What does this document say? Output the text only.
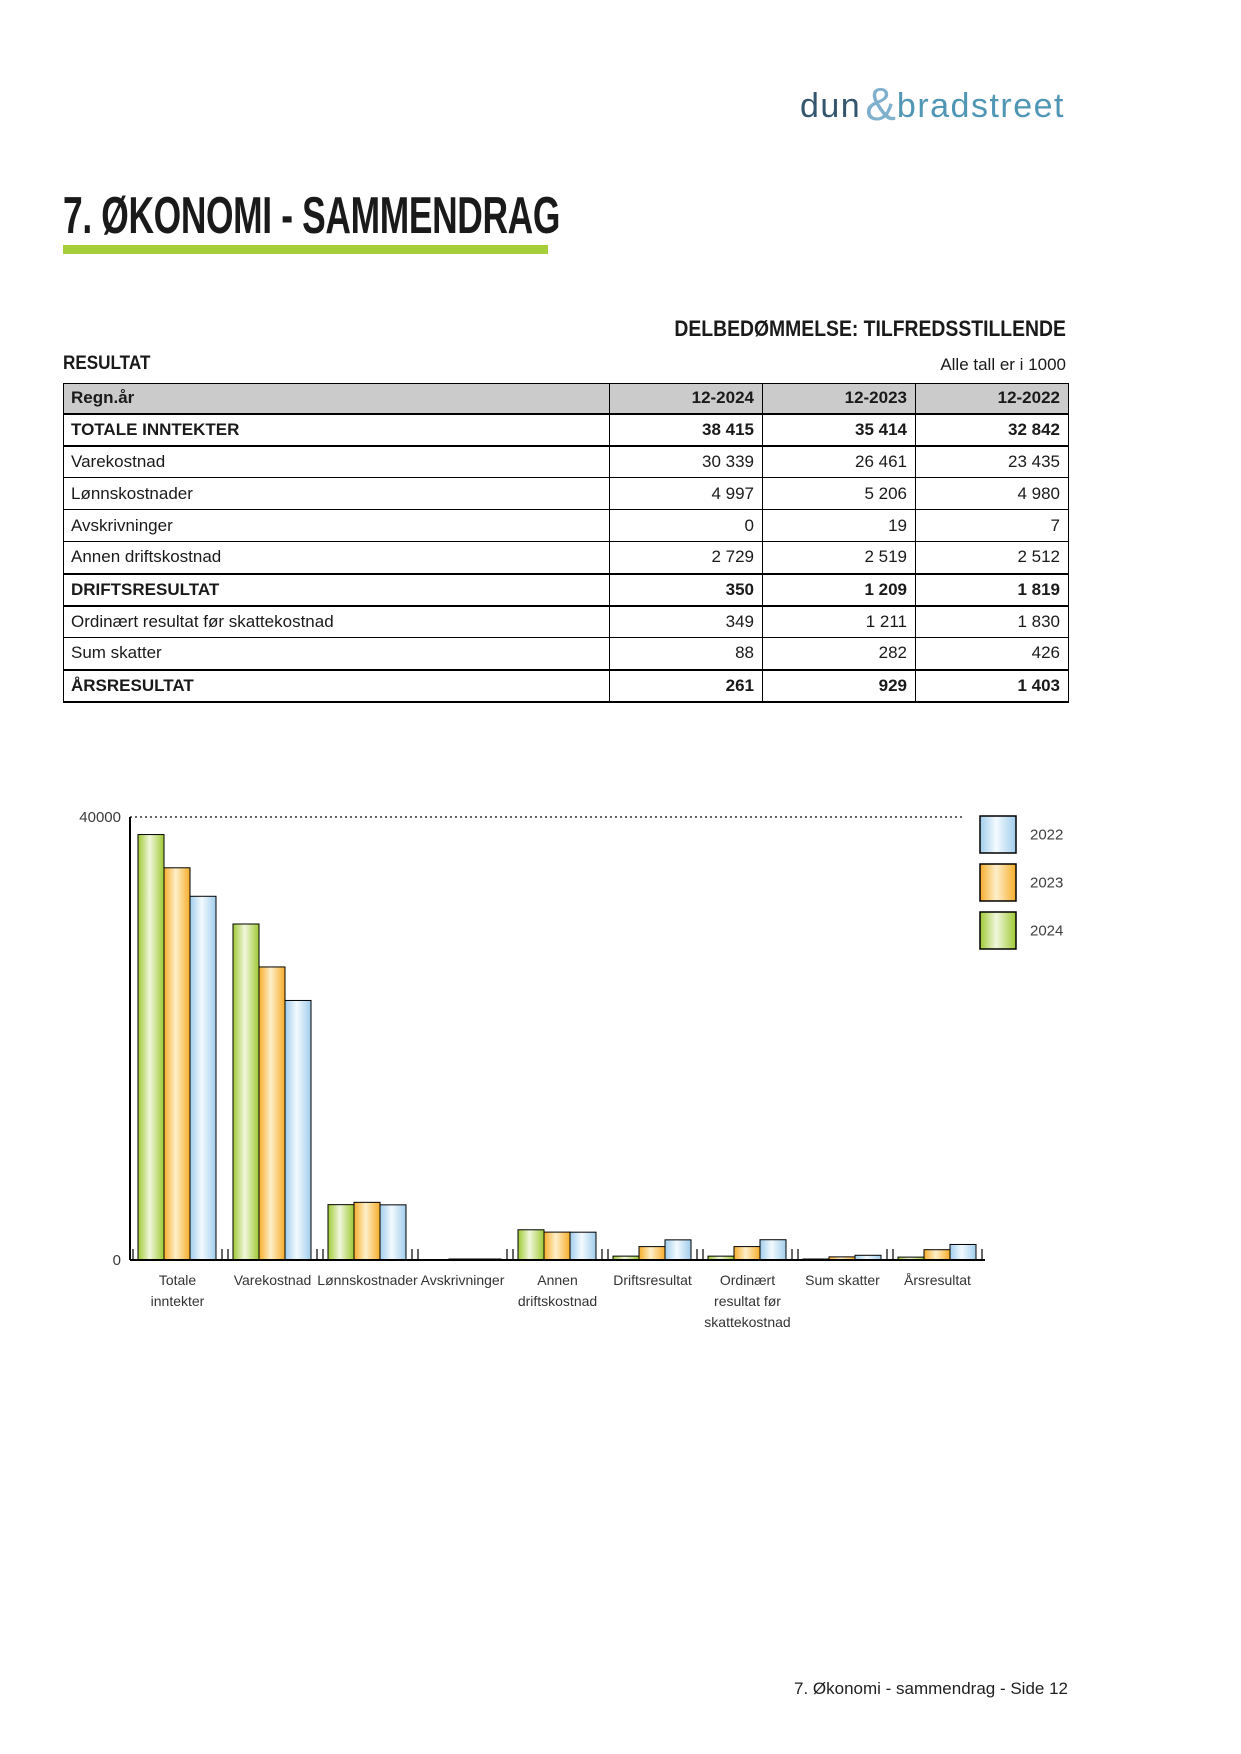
dun & bradstreet
7. ØKONOMI - SAMMENDRAG
DELBEDØMMELSE: TILFREDSSTILLENDE
RESULTAT	Alle tall er i 1000
Regn.år	12-2024	12-2023	12-2022
TOTALE INNTEKTER	38 415	35 414	32 842
Varekostnad	30 339	26 461	23 435
Lønnskostnader	4 997	5 206	4 980
Avskrivninger	0	19	7
Annen driftskostnad	2 729	2 519	2 512
DRIFTSRESULTAT	350	1 209	1 819
Ordinært resultat før skattekostnad	349	1 211	1 830
Sum skatter	88	282	426
ÅRSRESULTAT	261	929	1 403
0
40000
Totale inntekter
Varekostnad Lønnskostnader Avskrivninger	Annen driftskostnad
Driftsresultat	Ordinært resultat før skattekostnad
Sum skatter Årsresultat
2022
2023
2024
7. Økonomi - sammendrag - Side 12
